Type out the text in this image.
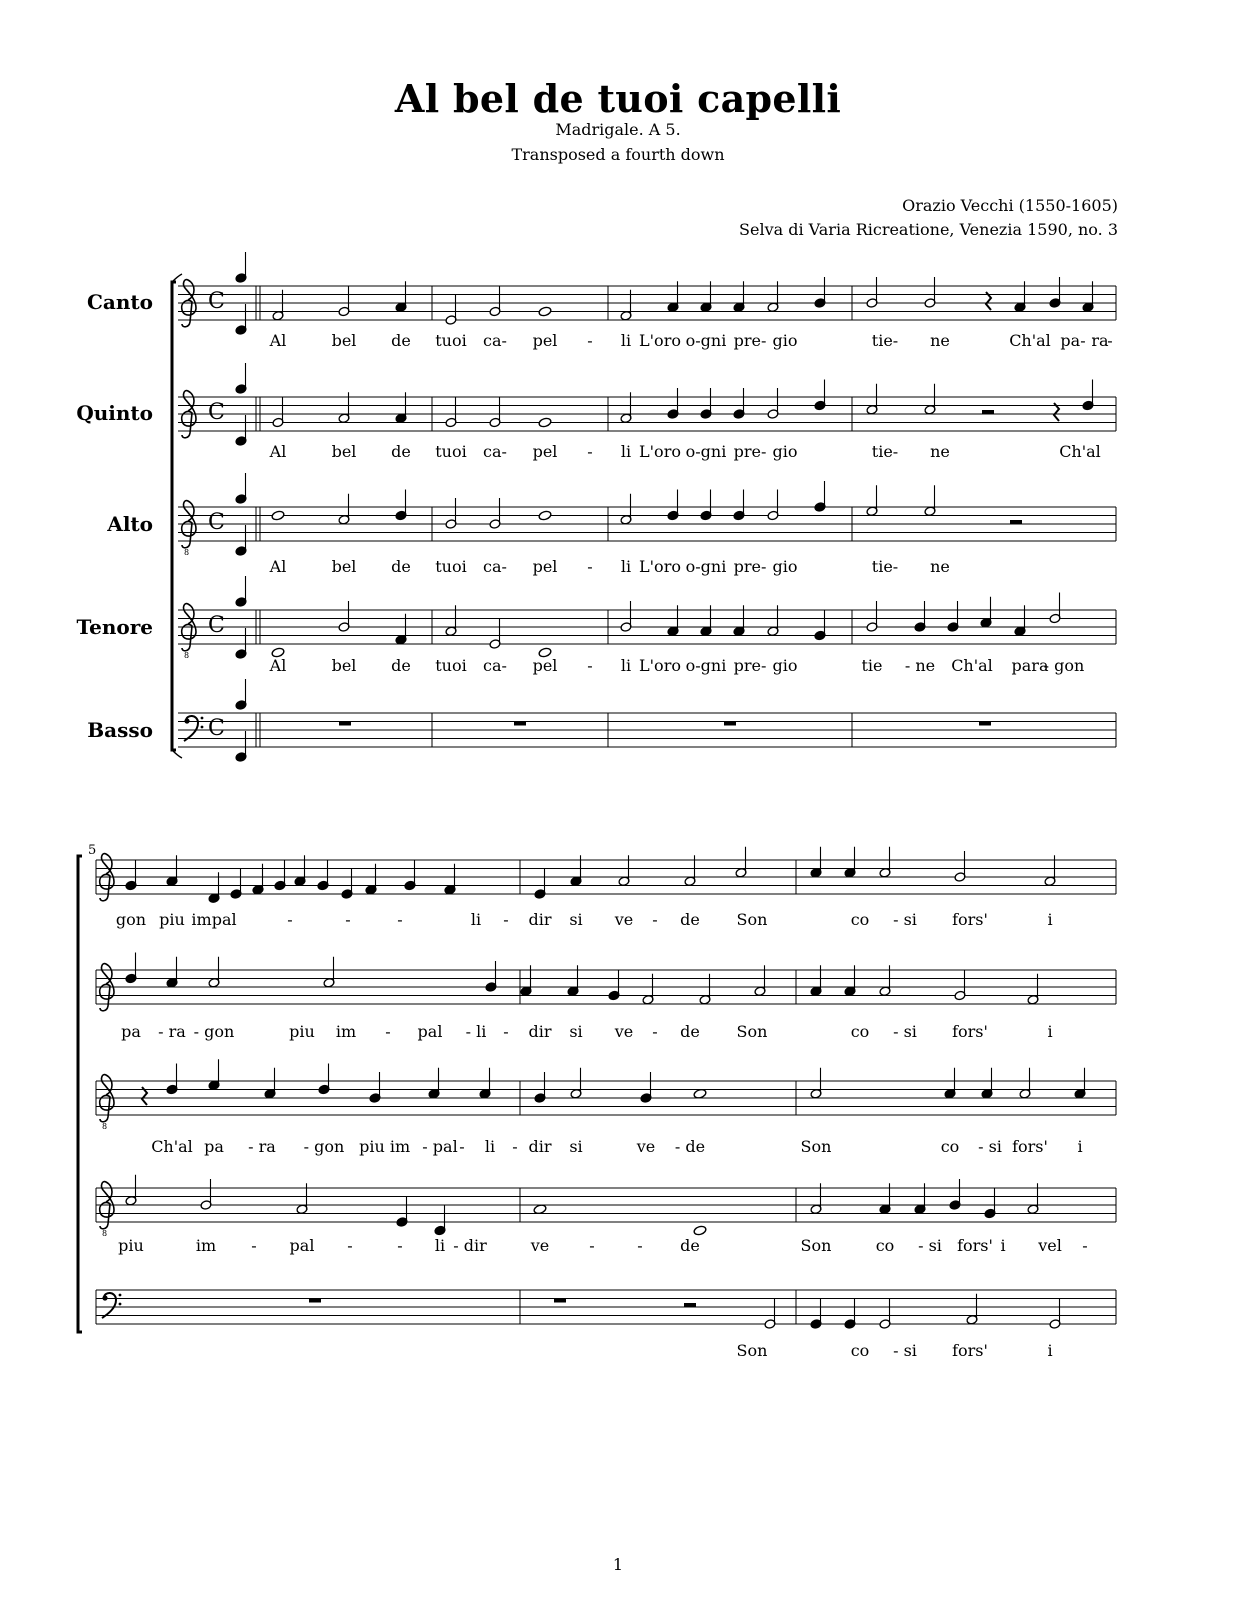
Al bel de tuoi capelli
Madrigale. A 5.
Transposed a fourth down
Orazio Vecchi (1550-1605)
Selva di Varia Ricreatione, Venezia 1590, no. 3
Canto
Quinto
Alto
Tenore
Basso
C
C
8
C
8
C
C
Al	bel de tuoi ca- pel - li L'oro o-gni pre- gio	tie- ne	Ch'al pa- ra
-
Al	bel de tuoi ca- pel - li L'oro o-gni pre- gio	tie- ne	Ch'al
Al	bel de tuoi ca- pel - li L'oro o-gni pre- gio	tie- ne
Al	bel de tuoi ca- pel - li L'oro o-gni pre- gio	tie - ne Ch'al para
- gon
5
8
8
gon piu impal	-	-	-	li - dir si ve - de Son	co - si fors'	i
pa - ra - gon	piu im - pal - li - dir si ve - de Son	co - si fors'	i
Ch'al pa - ra - gon piu im - pal - li - dir si	ve - de	Son	co - si fors' i
piu	im - pal -	- li - dir	ve	-	- de	Son	co - si fors' i vel -
Son	co - si fors'	i
1
